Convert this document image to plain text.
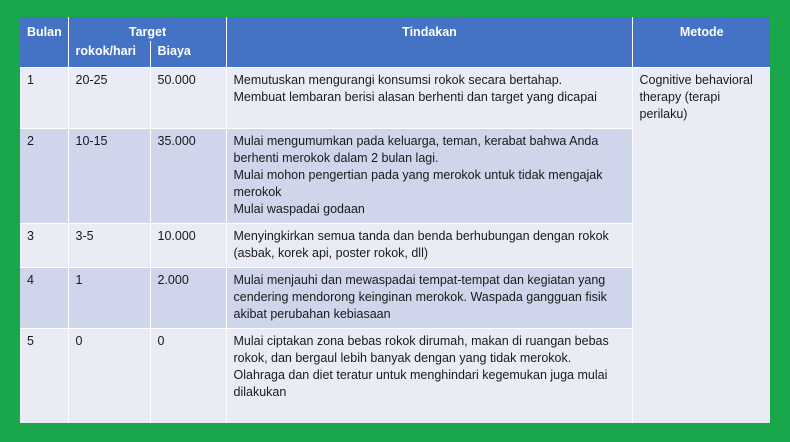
Bulan	Target		Tindakan	Metode
	rokok/hari	Biaya		
1	20-25	50.000	Memutuskan mengurangi konsumsi rokok secara bertahap.
Membuat lembaran berisi alasan berhenti dan target yang dicapai	Cognitive behavioral therapy (terapi perilaku)
2	10-15	35.000	Mulai mengumumkan pada keluarga, teman, kerabat bahwa Anda berhenti merokok dalam 2 bulan lagi.
Mulai mohon pengertian pada yang merokok untuk tidak mengajak merokok
Mulai waspadai godaan	

3	3-5	10.000	Menyingkirkan semua tanda dan benda berhubungan dengan rokok (asbak, korek api, poster rokok, dll)	

4	1	2.000	Mulai menjauhi dan mewaspadai tempat-tempat dan kegiatan yang cendering mendorong keinginan merokok. Waspada gangguan fisik akibat perubahan kebiasaan	

5	0	0	Mulai ciptakan zona bebas rokok dirumah, makan di ruangan bebas rokok, dan bergaul lebih banyak dengan yang tidak merokok.
Olahraga dan diet teratur untuk menghindari kegemukan juga mulai dilakukan	
